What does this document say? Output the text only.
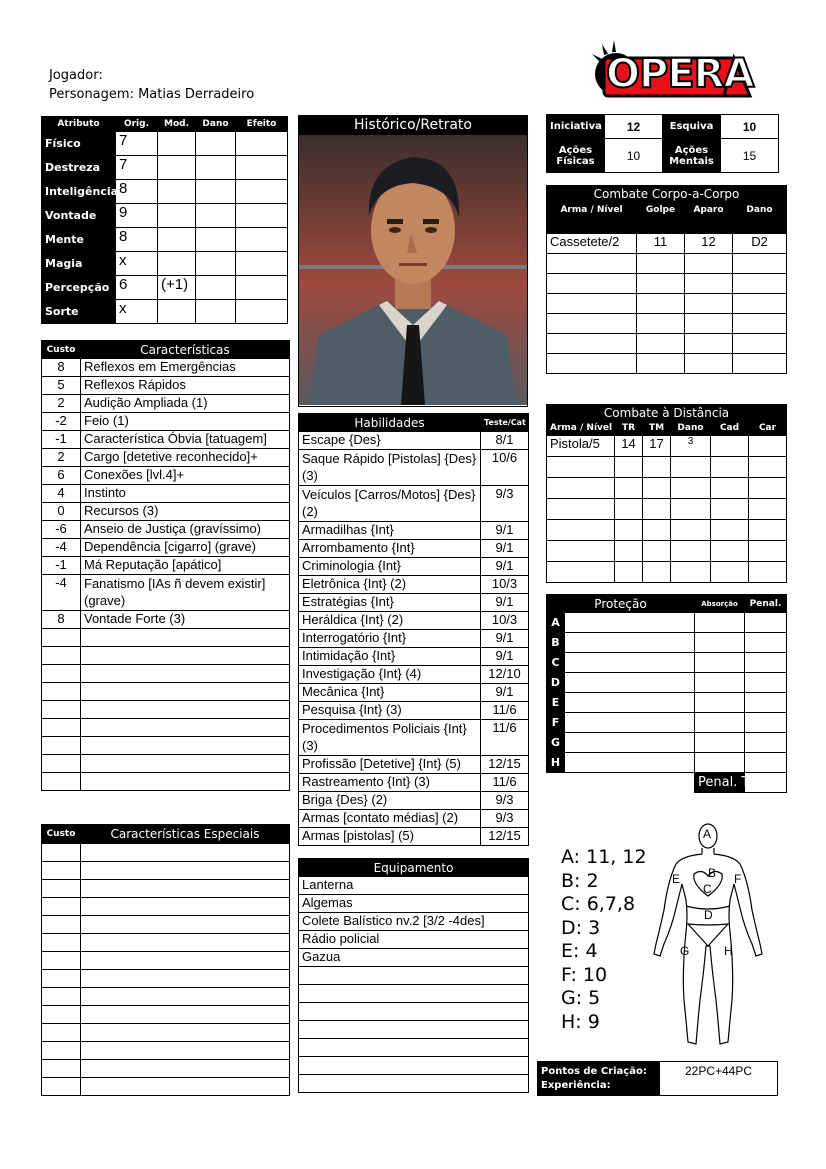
Jogador:
Personagem: Matias Derradeiro	OPERA
Atributo	Orig.	Mod.	Dano	Efeito
Físico	7			
Destreza	7			
Inteligência	8			
Vontade	9			
Mente	8			
Magia	x			
Percepção	6	(+1)		
Sorte	x			
Histórico/Retrato	Iniciativa	12	Esquiva	10
Ações Físicas	10	Ações Mentais	15
Combate Corpo-a-Corpo			
Arma / Nível	Golpe	Aparo	Dano

Cassetete/2	11	12	D2

Combate à Distância					
Arma / Nível	TR	TM	Dano	Cad	Car
Pistola/5	14	17	3		

Custo	Características
8	Reflexos em Emergências
5	Reflexos Rápidos
2	Audição Ampliada (1)
-2	Feio (1)
-1	Característica Óbvia [tatuagem]
2	Cargo [detetive reconhecido]+
6	Conexões [lvl.4]+
4	Instinto
0	Recursos (3)
-6	Anseio de Justiça (gravíssimo)
-4	Dependência [cigarro] (grave)
-1	Má Reputação [apático]
-4	Fanatismo [IAs ñ devem existir] (grave)
8	Vontade Forte (3)

Custo	Características Especiais

Habilidades	Teste/Cat
Escape {Des}	8/1
Saque Rápido [Pistolas] {Des} (3)	10/6
Veículos [Carros/Motos] {Des} (2)	9/3
Armadilhas {Int}	9/1
Arrombamento {Int}	9/1
Criminologia {Int}	9/1
Eletrônica {Int} (2)	10/3
Estratégias {Int}	9/1
Heráldica {Int} (2)	10/3
Interrogatório {Int}	9/1
Intimidação {Int}	9/1
Investigação {Int} (4)	12/10
Mecânica {Int}	9/1
Pesquisa {Int} (3)	11/6
Procedimentos Policiais {Int} (3)	11/6
Profissão [Detetive] {Int} (5)	12/15
Rastreamento {Int} (3)	11/6
Briga {Des} (2)	9/3
Armas [contato médias] (2)	9/3
Armas [pistolas] (5)	12/15
Equipamento
Lanterna
Algemas
Colete Balístico nv.2 [3/2 -4des]
Rádio policial
Gazua

Proteção		Absorção	Penal.
A			
B			
C			
D			
E			
F			
G			
H			
		Penal. Total	
A: 11, 12
B: 2
C: 6,7,8
D: 3
E: 4
F: 10
G: 5
H: 9
A
B
C
D
E	F
G	H
Pontos de Criação:
Experiência:
	22PC+44PC
